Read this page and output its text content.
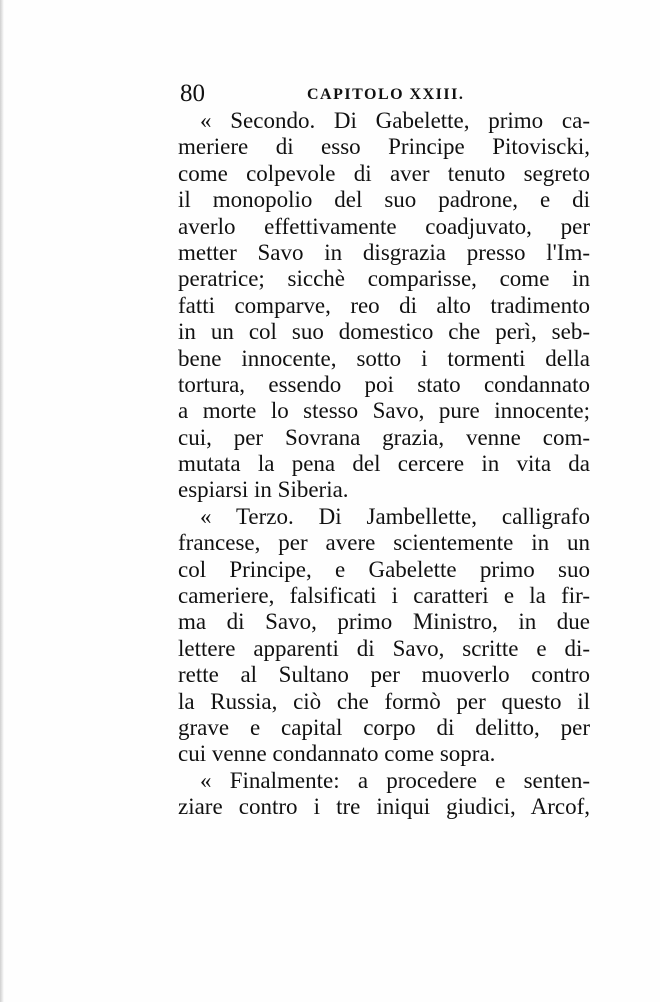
80	CAPITOLO XXIII.
« Secondo. Di Gabelette, primo ca-
meriere di esso Principe Pitoviscki,
come colpevole di aver tenuto segreto
il monopolio del suo padrone, e di
averlo effettivamente coadjuvato, per
metter Savo in disgrazia presso l'Im-
peratrice; sicchè comparisse, come in
fatti comparve, reo di alto tradimento
in un col suo domestico che perì, seb-
bene innocente, sotto i tormenti della
tortura, essendo poi stato condannato
a morte lo stesso Savo, pure innocente;
cui, per Sovrana grazia, venne com-
mutata la pena del cercere in vita da
espiarsi in Siberia.
« Terzo. Di Jambellette, calligrafo
francese, per avere scientemente in un
col Principe, e Gabelette primo suo
cameriere, falsificati i caratteri e la fir-
ma di Savo, primo Ministro, in due
lettere apparenti di Savo, scritte e di-
rette al Sultano per muoverlo contro
la Russia, ciò che formò per questo il
grave e capital corpo di delitto, per
cui venne condannato come sopra.
« Finalmente: a procedere e senten-
ziare contro i tre iniqui giudici, Arcof,
